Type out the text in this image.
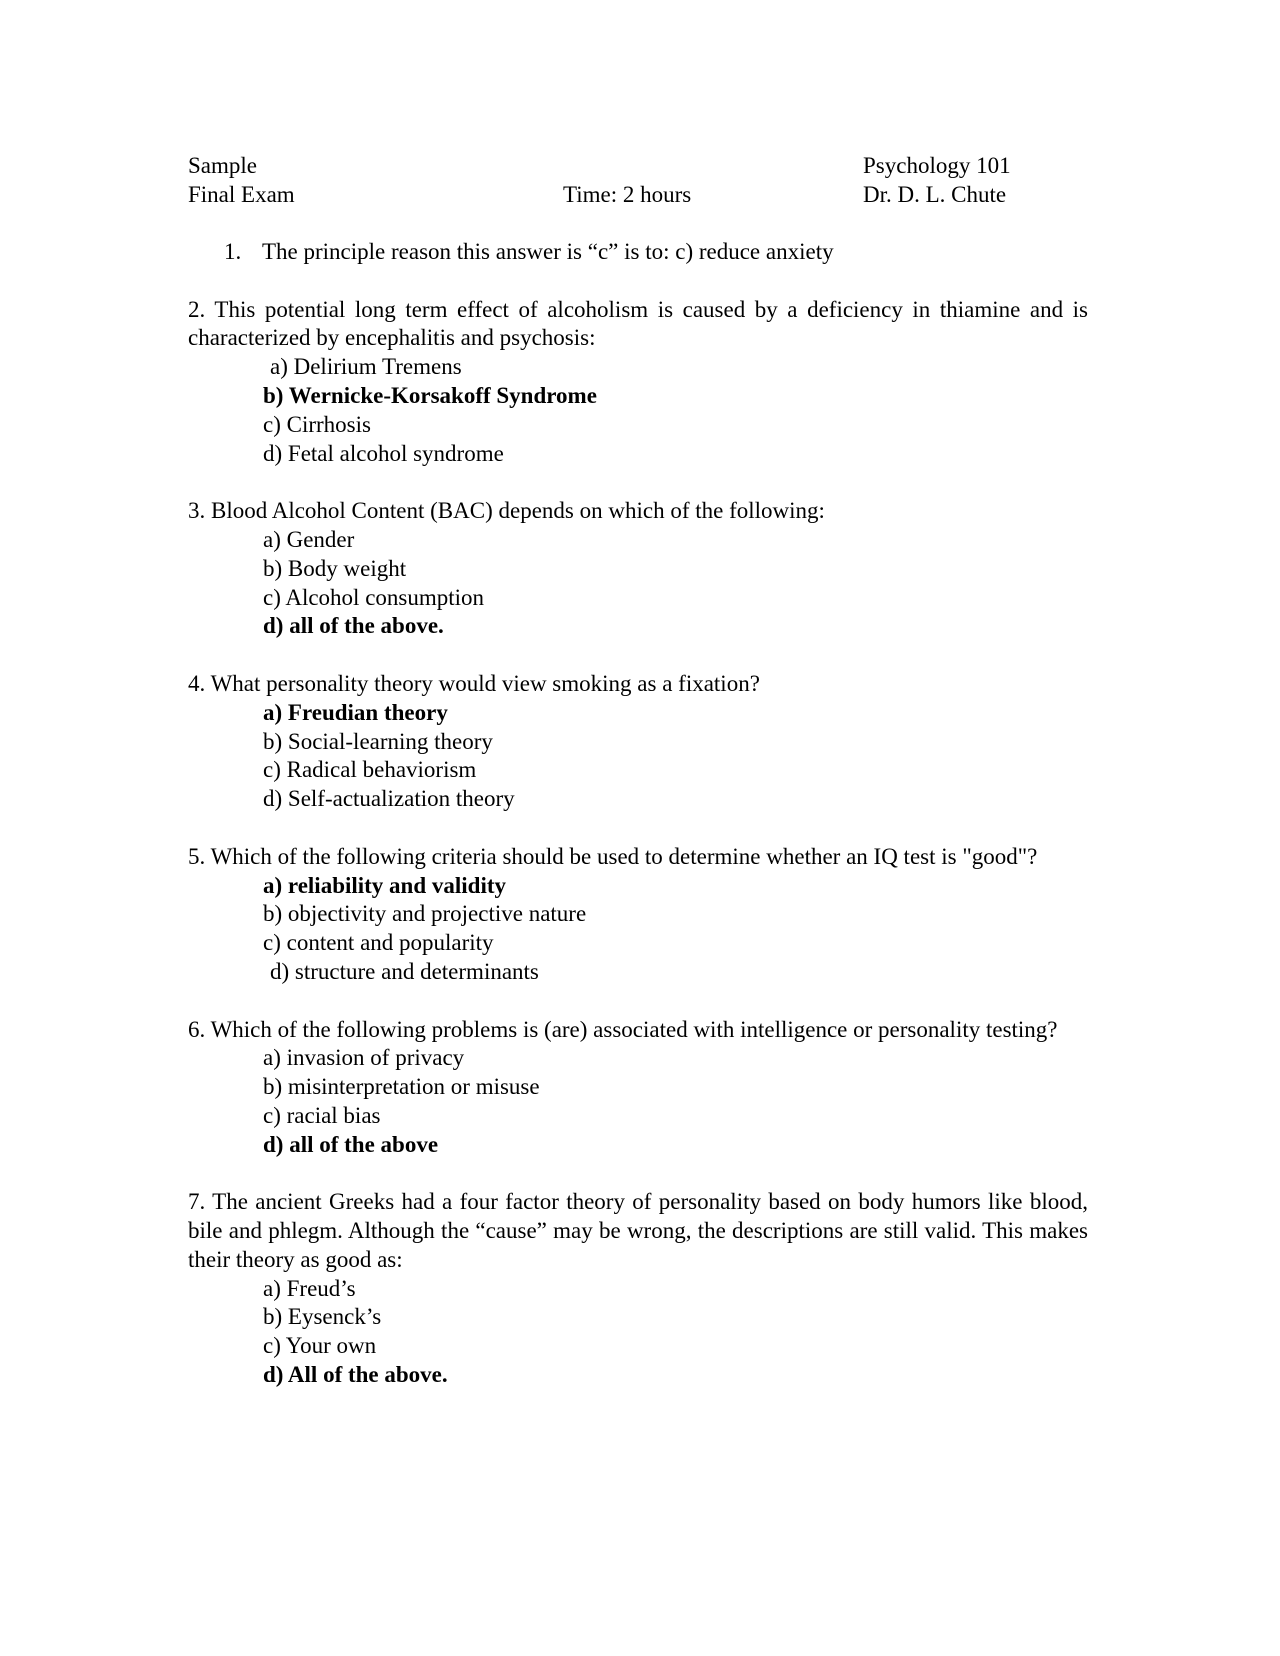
Sample	Psychology 101
Final Exam	Time: 2 hours	Dr. D. L. Chute
1. The principle reason this answer is “c” is to: c) reduce anxiety
2. This potential long term effect of alcoholism is caused by a deficiency in thiamine and is characterized by encephalitis and psychosis:
a) Delirium Tremens
b) Wernicke-Korsakoff Syndrome
c) Cirrhosis
d) Fetal alcohol syndrome
3. Blood Alcohol Content (BAC) depends on which of the following:
a) Gender
b) Body weight
c) Alcohol consumption
d) all of the above.
4. What personality theory would view smoking as a fixation?
a) Freudian theory
b) Social-learning theory
c) Radical behaviorism
d) Self-actualization theory
5. Which of the following criteria should be used to determine whether an IQ test is "good"?
a) reliability and validity
b) objectivity and projective nature
c) content and popularity
d) structure and determinants
6. Which of the following problems is (are) associated with intelligence or personality testing?
a) invasion of privacy
b) misinterpretation or misuse
c) racial bias
d) all of the above
7. The ancient Greeks had a four factor theory of personality based on body humors like blood, bile and phlegm. Although the “cause” may be wrong, the descriptions are still valid. This makes their theory as good as:
a) Freud’s
b) Eysenck’s
c) Your own
d) All of the above.
